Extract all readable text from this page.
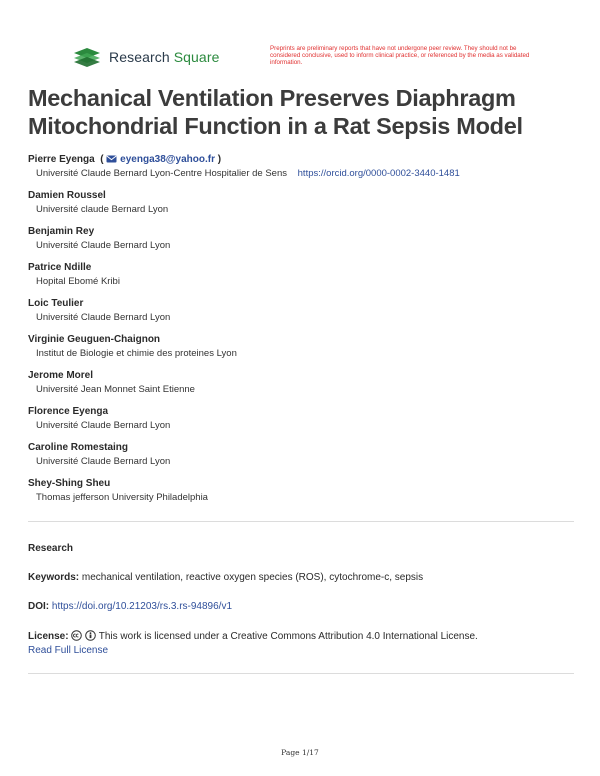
Research Square
Preprints are preliminary reports that have not undergone peer review. They should not be considered conclusive, used to inform clinical practice, or referenced by the media as validated information.
Mechanical Ventilation Preserves Diaphragm Mitochondrial Function in a Rat Sepsis Model
Pierre Eyenga  (  eyenga38@yahoo.fr )
Université Claude Bernard Lyon-Centre Hospitalier de Sens https://orcid.org/0000-0002-3440-1481
Damien Roussel
Université claude Bernard Lyon
Benjamin Rey
Université Claude Bernard Lyon
Patrice Ndille
Hopital Ebomé Kribi
Loic Teulier
Université Claude Bernard Lyon
Virginie Geuguen-Chaignon
Institut de Biologie et chimie des proteines Lyon
Jerome Morel
Université Jean Monnet Saint Etienne
Florence Eyenga
Université Claude Bernard Lyon
Caroline Romestaing
Université Claude Bernard Lyon
Shey-Shing Sheu
Thomas jefferson University Philadelphia
Research
Keywords: mechanical ventilation, reactive oxygen species (ROS), cytochrome-c, sepsis
DOI: https://doi.org/10.21203/rs.3.rs-94896/v1
License:	This work is licensed under a Creative Commons Attribution 4.0 International License.
Read Full License
Page 1/17
